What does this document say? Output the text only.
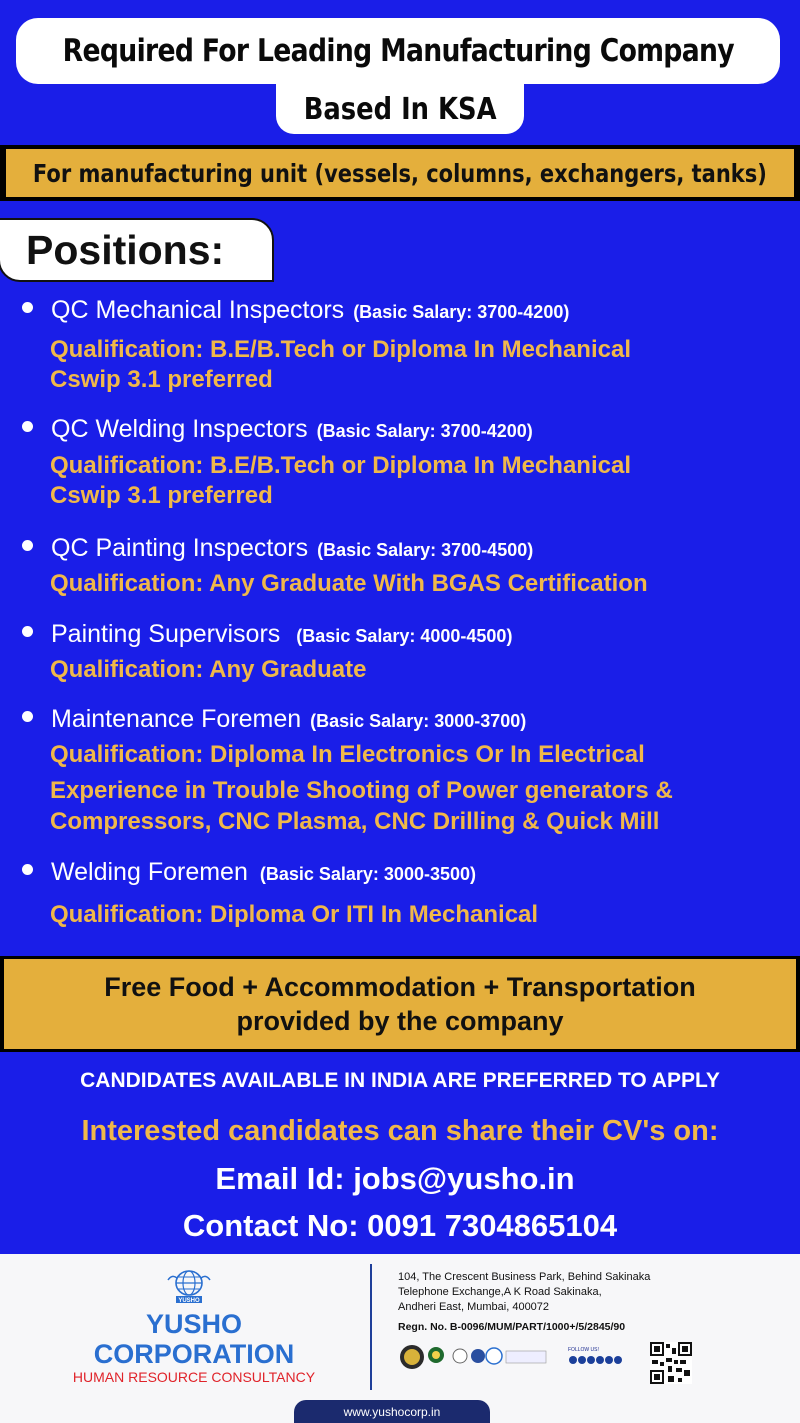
Required For Leading Manufacturing Company
Based In KSA
For manufacturing unit (vessels, columns, exchangers, tanks)
Positions:
QC Mechanical Inspectors (Basic Salary: 3700-4200)
Qualification: B.E/B.Tech or Diploma In Mechanical
Cswip 3.1 preferred
QC Welding Inspectors (Basic Salary: 3700-4200)
Qualification: B.E/B.Tech or Diploma In Mechanical
Cswip 3.1 preferred
QC Painting Inspectors (Basic Salary: 3700-4500)
Qualification: Any Graduate With BGAS Certification
Painting Supervisors (Basic Salary: 4000-4500)
Qualification: Any Graduate
Maintenance Foremen (Basic Salary: 3000-3700)
Qualification: Diploma In Electronics Or In Electrical
Experience in Trouble Shooting of Power generators &
Compressors, CNC Plasma, CNC Drilling & Quick Mill
Welding Foremen (Basic Salary: 3000-3500)
Qualification: Diploma Or ITI In Mechanical
Free Food + Accommodation + Transportation
provided by the company
CANDIDATES AVAILABLE IN INDIA ARE PREFERRED TO APPLY
Interested candidates can share their CV's on:
Email Id: jobs@yusho.in
Contact No: 0091 7304865104
YUSHO
YUSHO
CORPORATION
HUMAN RESOURCE CONSULTANCY
104, The Crescent Business Park, Behind Sakinaka
Telephone Exchange,A K Road Sakinaka,
Andheri East, Mumbai, 400072
Regn. No. B-0096/MUM/PART/1000+/5/2845/90
FOLLOW US!
www.yushocorp.in
